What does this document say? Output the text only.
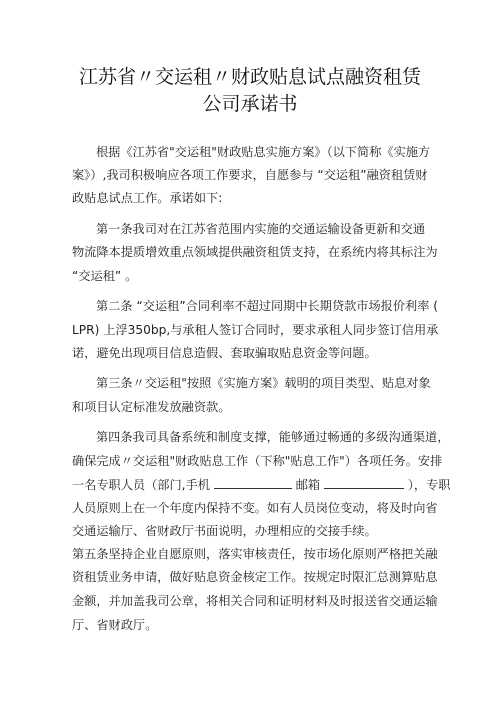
江苏省〃交运租〃财政贴息试点融资租赁
公司承诺书
根据《江苏省"交运租"财政贴息实施方案》（以下简称《实施方
案》）,我司积极响应各项工作要求，自愿参与 “交运租”融资租赁财
政贴息试点工作。承诺如下:
第一条我司对在江苏省范围内实施的交通运输设备更新和交通
物流降本提质增效重点领域提供融资租赁支持，在系统内将其标注为
“交运租” 。
第二条 “交运租”合同利率不超过同期中长期贷款市场报价利率 (
LPR) 上浮350bp,与承租人签订合同时，要求承租人同步签订信用承
诺，避免出现项目信息造假、套取骗取贴息资金等问题。
第三条〃交运租"按照《实施方案》载明的项目类型、贴息对象
和项目认定标准发放融资款。
第四条我司具备系统和制度支撑，能够通过畅通的多级沟通渠道，
确保完成〃交运租"财政贴息工作（下称"贴息工作"）各项任务。安排
一名专职人员（部门,手机	邮箱	），专职
人员原则上在一个年度内保持不变。如有人员岗位变动，将及时向省
交通运输厅、省财政厅书面说明，办理相应的交接手续。
第五条坚持企业自愿原则，落实审核责任，按市场化原则严格把关融
资租赁业务申请，做好贴息资金核定工作。按规定时限汇总测算贴息
金额，并加盖我司公章，将相关合同和证明材料及时报送省交通运输
厅、省财政厅。
